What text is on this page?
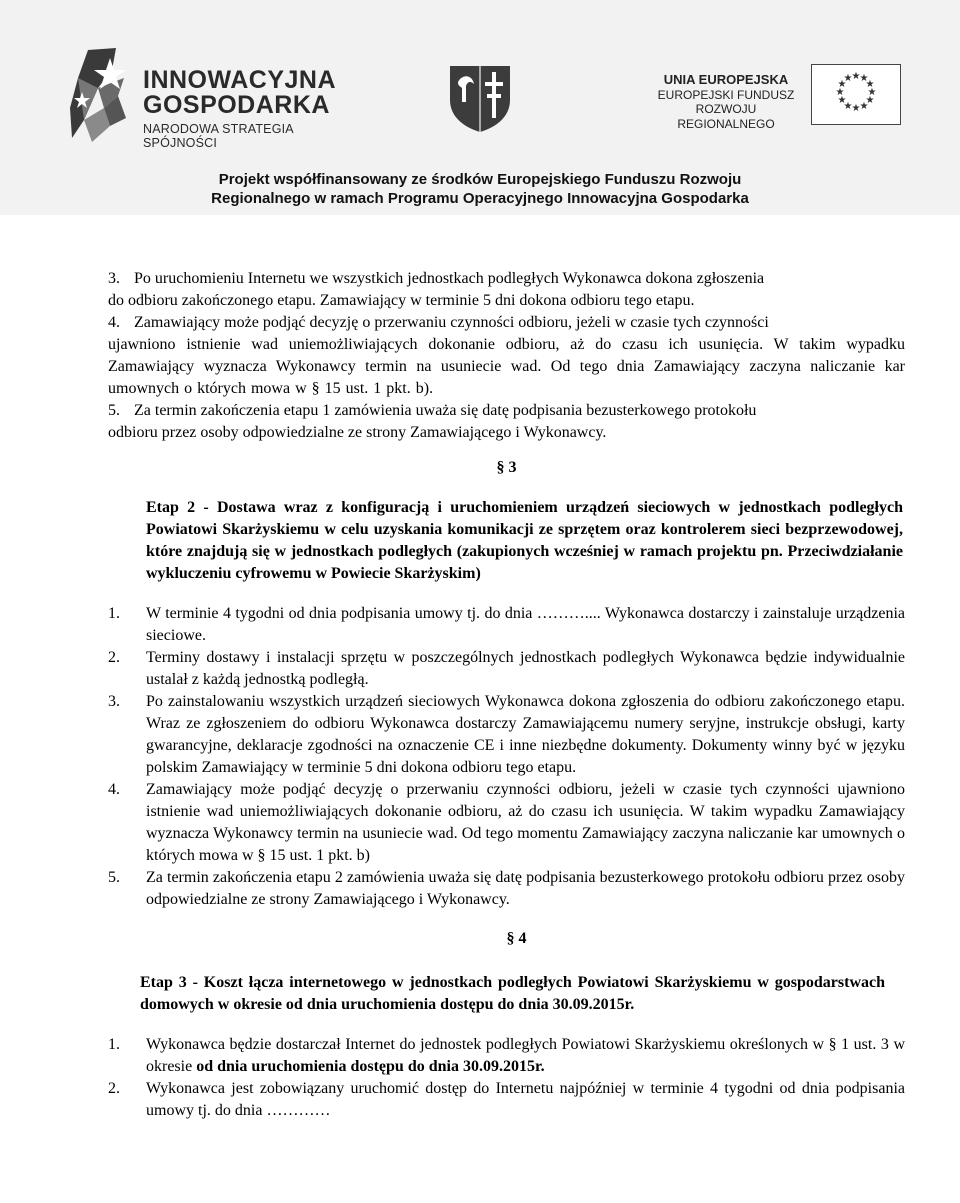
INNOWACYJNA
GOSPODARKA
NARODOWA STRATEGIA SPÓJNOŚCI
UNIA EUROPEJSKA
EUROPEJSKI FUNDUSZ
ROZWOJU REGIONALNEGO
★ ★
★
★
★
★
★
★
★
★
★
★
Projekt współfinansowany ze środków Europejskiego Funduszu Rozwoju
Regionalnego w ramach Programu Operacyjnego Innowacyjna Gospodarka
3. Po uruchomieniu Internetu we wszystkich jednostkach podległych Wykonawca dokona zgłoszenia

do odbioru zakończonego etapu. Zamawiający w terminie 5 dni dokona odbioru tego etapu.

4. Zamawiający może podjąć decyzję o przerwaniu czynności odbioru, jeżeli w czasie tych czynności

ujawniono istnienie wad uniemożliwiających dokonanie odbioru, aż do czasu ich usunięcia. W takim wypadku Zamawiający wyznacza Wykonawcy termin na usuniecie wad. Od tego dnia Zamawiający zaczyna naliczanie kar umownych o których mowa w § 15 ust. 1 pkt. b).

5. Za termin zakończenia etapu 1 zamówienia uważa się datę podpisania bezusterkowego protokołu

odbioru przez osoby odpowiedzialne ze strony Zamawiającego i Wykonawcy.

§ 3

Etap 2 - Dostawa wraz z konfiguracją i uruchomieniem urządzeń sieciowych w jednostkach podległych Powiatowi Skarżyskiemu w celu uzyskania komunikacji ze sprzętem oraz kontrolerem sieci bezprzewodowej, które znajdują się w jednostkach podległych (zakupionych wcześniej w ramach projektu pn. Przeciwdziałanie wykluczeniu cyfrowemu w Powiecie Skarżyskim)

1.	W terminie 4 tygodni od dnia podpisania umowy tj. do dnia ……….... Wykonawca dostarczy i zainstaluje urządzenia sieciowe.
2.	Terminy dostawy i instalacji sprzętu w poszczególnych jednostkach podległych Wykonawca będzie indywidualnie ustalał z każdą jednostką podległą.
3.	Po zainstalowaniu wszystkich urządzeń sieciowych Wykonawca dokona zgłoszenia do odbioru zakończonego etapu. Wraz ze zgłoszeniem do odbioru Wykonawca dostarczy Zamawiającemu numery seryjne, instrukcje obsługi, karty gwarancyjne, deklaracje zgodności na oznaczenie CE i inne niezbędne dokumenty. Dokumenty winny być w języku polskim Zamawiający w terminie 5 dni dokona odbioru tego etapu.
4.	Zamawiający może podjąć decyzję o przerwaniu czynności odbioru, jeżeli w czasie tych czynności ujawniono istnienie wad uniemożliwiających dokonanie odbioru, aż do czasu ich usunięcia. W takim wypadku Zamawiający wyznacza Wykonawcy termin na usuniecie wad. Od tego momentu Zamawiający zaczyna naliczanie kar umownych o których mowa w § 15 ust. 1 pkt. b)
5.	Za termin zakończenia etapu 2 zamówienia uważa się datę podpisania bezusterkowego protokołu odbioru przez osoby odpowiedzialne ze strony Zamawiającego i Wykonawcy.

§ 4

Etap 3 - Koszt łącza internetowego w jednostkach podległych Powiatowi Skarżyskiemu w gospodarstwach domowych w okresie od dnia uruchomienia dostępu do dnia 30.09.2015r.

1.	Wykonawca będzie dostarczał Internet do jednostek podległych Powiatowi Skarżyskiemu określonych w § 1 ust. 3 w okresie od dnia uruchomienia dostępu do dnia 30.09.2015r.
2.	Wykonawca jest zobowiązany uruchomić dostęp do Internetu najpóźniej w terminie 4 tygodni od dnia podpisania umowy tj. do dnia …………
